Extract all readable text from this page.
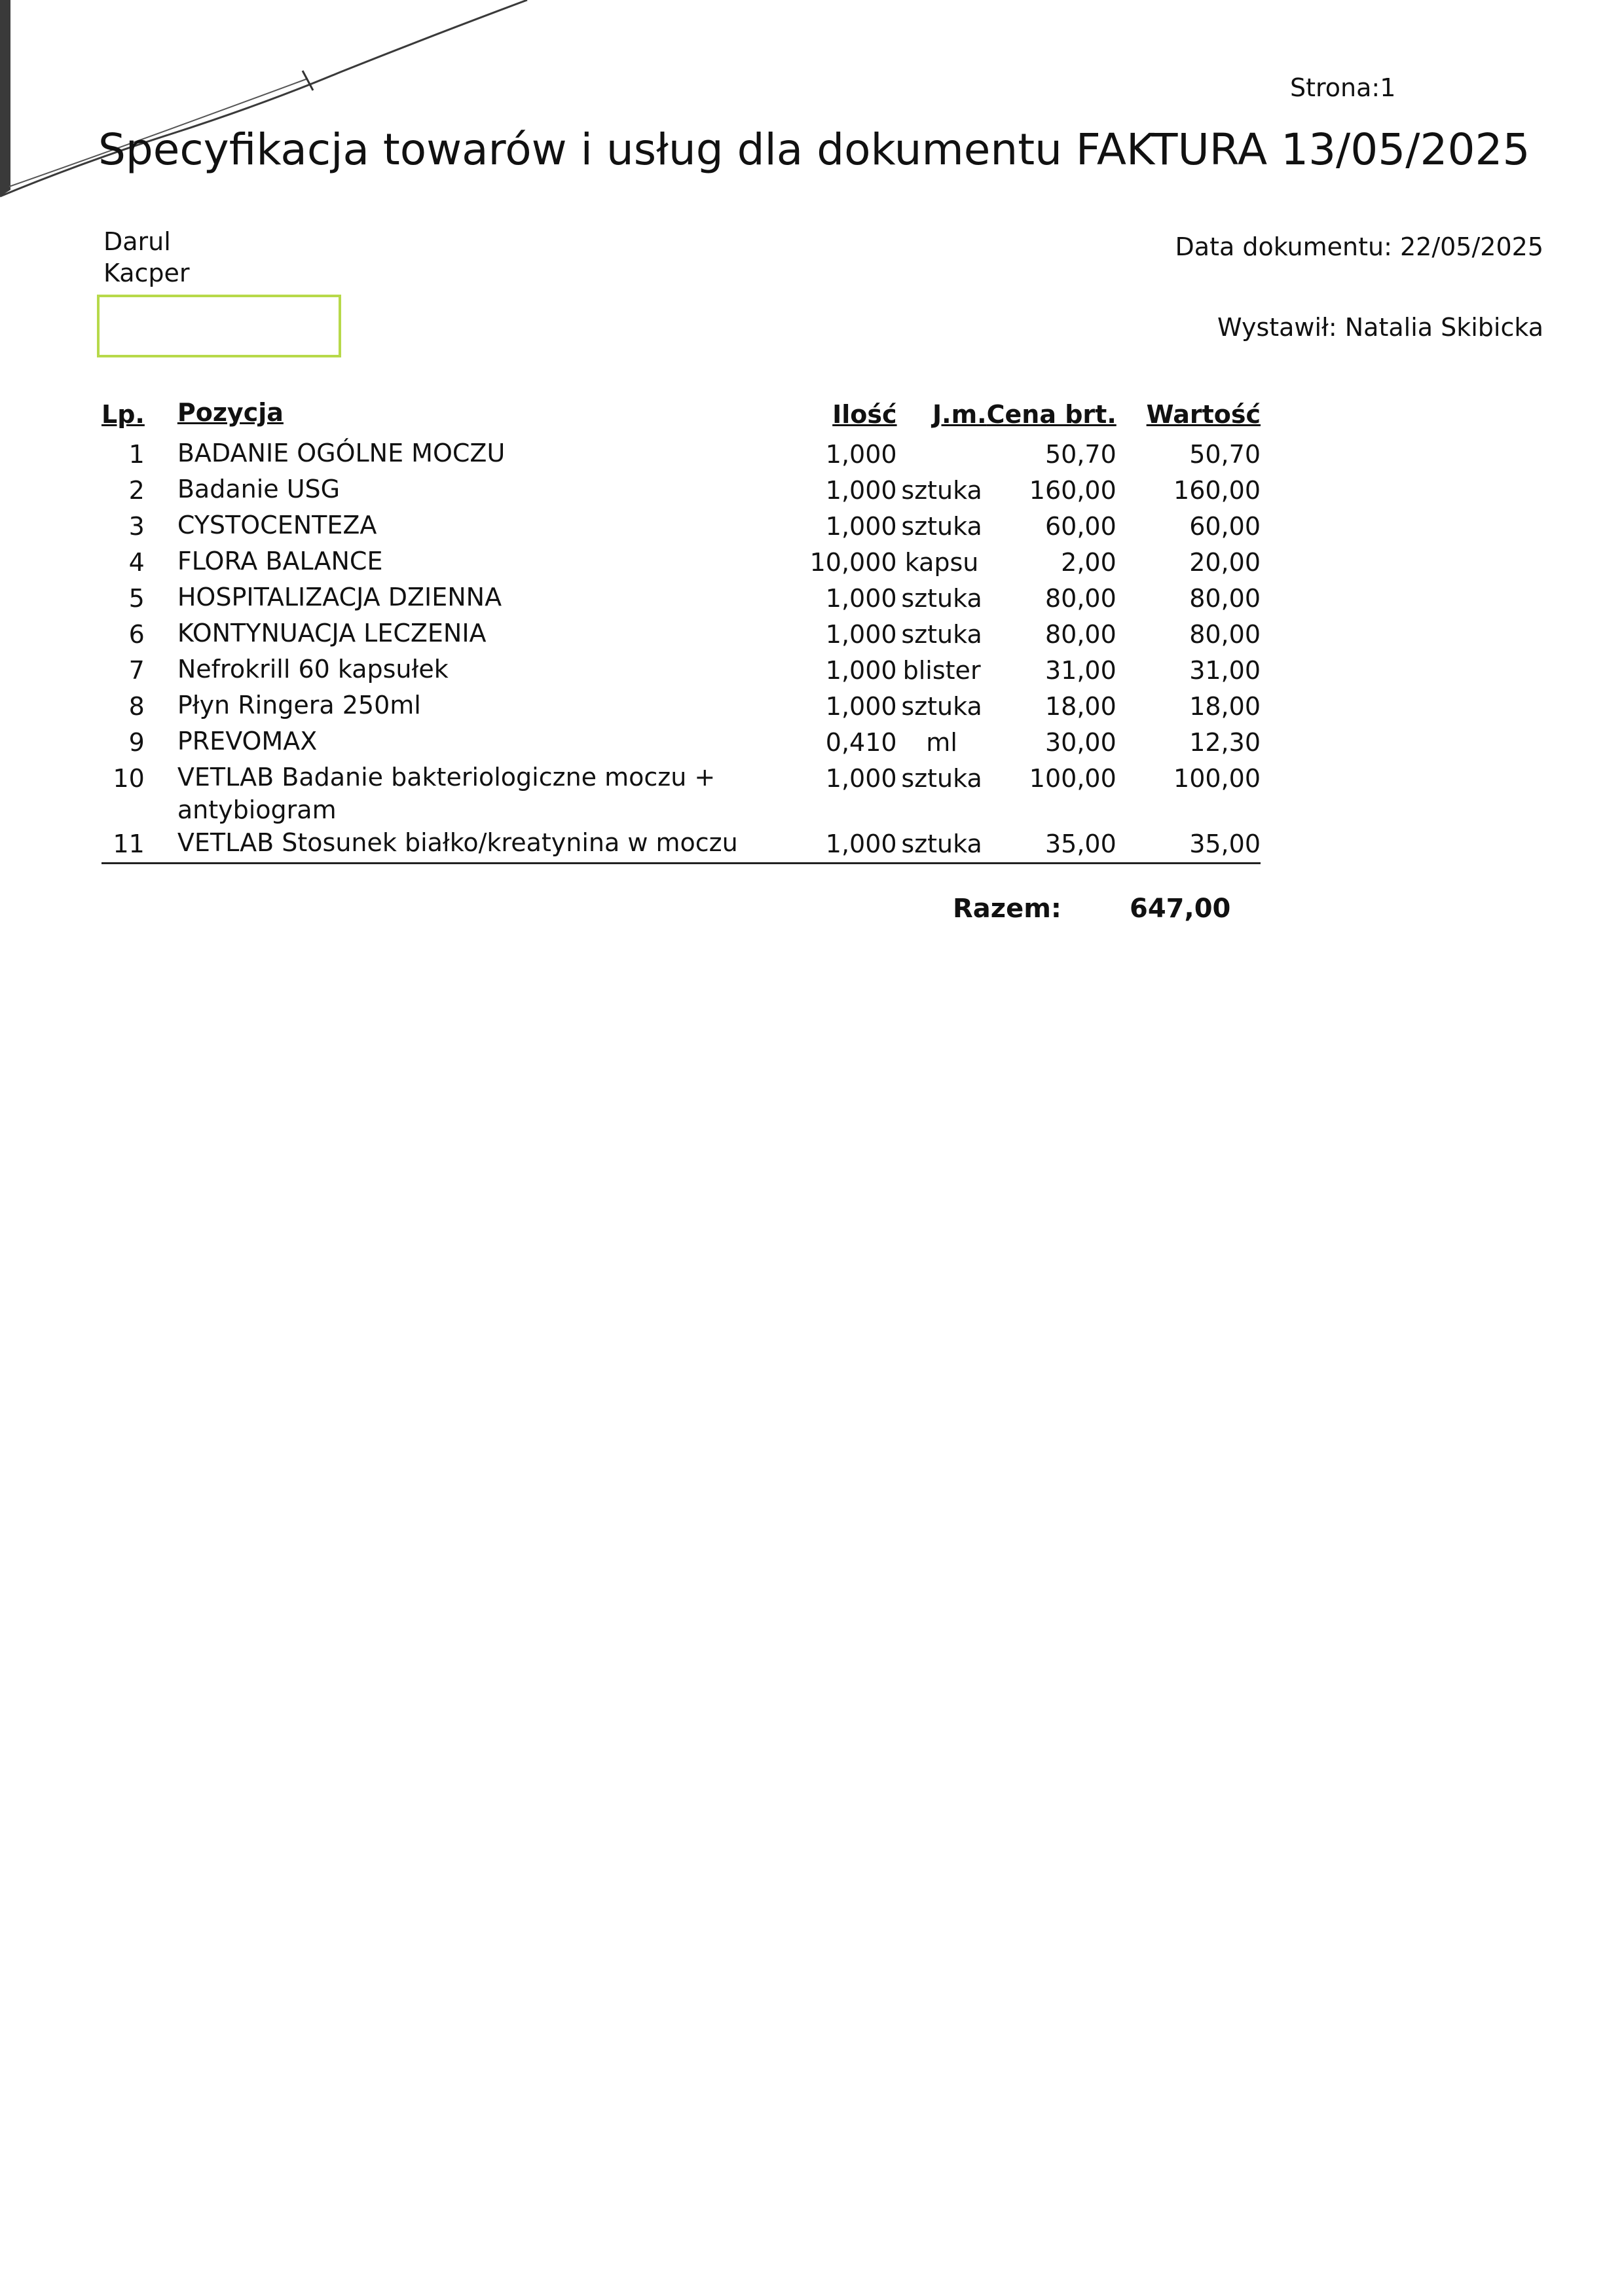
Strona:1
Specyfikacja towarów i usług dla dokumentu FAKTURA 13/05/2025
Darul
Kacper
Data dokumentu: 22/05/2025
Wystawił: Natalia Skibicka
Lp.	Pozycja	Ilość	J.m.	Cena brt.	Wartość
1	BADANIE OGÓLNE MOCZU	1,000		50,70	50,70
2	Badanie USG	1,000	sztuka	160,00	160,00
3	CYSTOCENTEZA	1,000	sztuka	60,00	60,00
4	FLORA BALANCE	10,000	kapsu	2,00	20,00
5	HOSPITALIZACJA DZIENNA	1,000	sztuka	80,00	80,00
6	KONTYNUACJA LECZENIA	1,000	sztuka	80,00	80,00
7	Nefrokrill 60 kapsułek	1,000	blister	31,00	31,00
8	Płyn Ringera 250ml	1,000	sztuka	18,00	18,00
9	PREVOMAX	0,410	ml	30,00	12,30
10	VETLAB Badanie bakteriologiczne moczu + antybiogram	1,000	sztuka	100,00	100,00
11	VETLAB Stosunek białko/kreatynina w moczu	1,000	sztuka	35,00	35,00
Razem:	647,00
